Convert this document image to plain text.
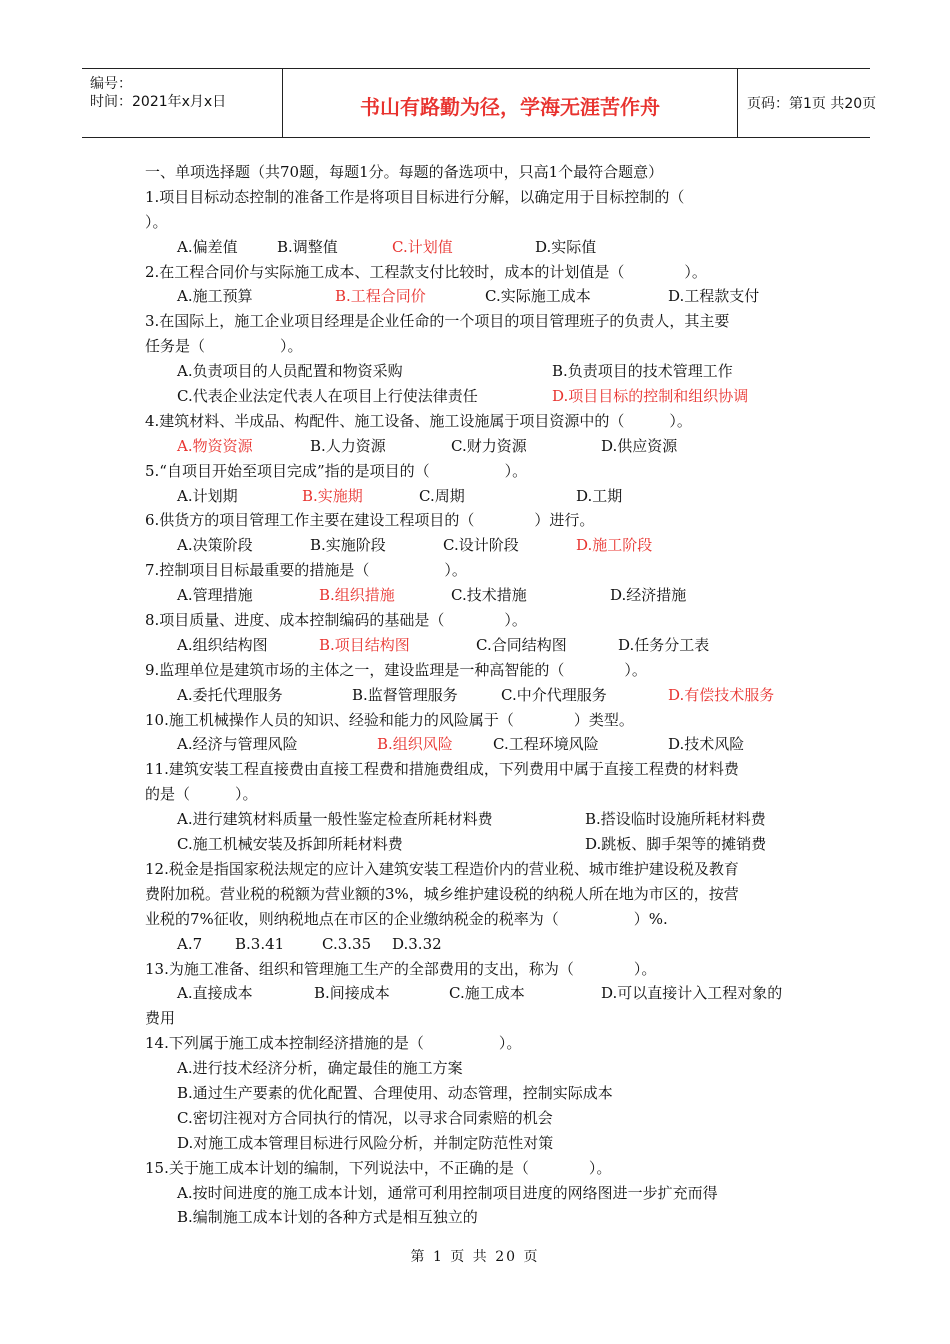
编号：
时间：2021年x月x日	书山有路勤为径，学海无涯苦作舟	页码：第1页 共20页
一、单项选择题（共70题，每题1分。每题的备选项中，只高1个最符合题意）
1.项目目标动态控制的准备工作是将项目目标进行分解，以确定用于目标控制的（
）。
A.偏差值	B.调整值	C.计划值	D.实际值
2.在工程合同价与实际施工成本、工程款支付比较时，成本的计划值是（　　　　）。
A.施工预算	B.工程合同价	C.实际施工成本	D.工程款支付
3.在国际上，施工企业项目经理是企业任命的一个项目的项目管理班子的负责人，其主要
任务是（　　　　　）。
A.负责项目的人员配置和物资采购	B.负责项目的技术管理工作
C.代表企业法定代表人在项目上行使法律责任	D.项目目标的控制和组织协调
4.建筑材料、半成品、构配件、施工设备、施工设施属于项目资源中的（　　　）。
A.物资资源	B.人力资源	C.财力资源	D.供应资源
5.“自项目开始至项目完成”指的是项目的（　　　　　）。
A.计划期	B.实施期	C.周期	D.工期
6.供货方的项目管理工作主要在建设工程项目的（　　　　）进行。
A.决策阶段	B.实施阶段	C.设计阶段	D.施工阶段
7.控制项目目标最重要的措施是（　　　　　）。
A.管理措施	B.组织措施	C.技术措施	D.经济措施
8.项目质量、进度、成本控制编码的基础是（　　　　）。
A.组织结构图	B.项目结构图	C.合同结构图	D.任务分工表
9.监理单位是建筑市场的主体之一，建设监理是一种高智能的（　　　　）。
A.委托代理服务	B.监督管理服务	C.中介代理服务	D.有偿技术服务
10.施工机械操作人员的知识、经验和能力的风险属于（　　　　）类型。
A.经济与管理风险	B.组织风险	C.工程环境风险	D.技术风险
11.建筑安装工程直接费由直接工程费和措施费组成，下列费用中属于直接工程费的材料费
的是（　　　）。
A.进行建筑材料质量一般性鉴定检查所耗材料费	B.搭设临时设施所耗材料费
C.施工机械安装及拆卸所耗材料费	D.跳板、脚手架等的摊销费
12.税金是指国家税法规定的应计入建筑安装工程造价内的营业税、城市维护建设税及教育
费附加税。营业税的税额为营业额的3%，城乡维护建设税的纳税人所在地为市区的，按营
业税的7%征收，则纳税地点在市区的企业缴纳税金的税率为（　　　　　）%.
A.7 B.3.41	C.3.35 D.3.32
13.为施工准备、组织和管理施工生产的全部费用的支出，称为（　　　　）。
A.直接成本	B.间接成本	C.施工成本	D.可以直接计入工程对象的
费用
14.下列属于施工成本控制经济措施的是（　　　　　）。
A.进行技术经济分析，确定最佳的施工方案
B.通过生产要素的优化配置、合理使用、动态管理，控制实际成本
C.密切注视对方合同执行的情况，以寻求合同索赔的机会
D.对施工成本管理目标进行风险分析，并制定防范性对策
15.关于施工成本计划的编制，下列说法中，不正确的是（　　　　）。
A.按时间进度的施工成本计划，通常可利用控制项目进度的网络图进一步扩充而得
B.编制施工成本计划的各种方式是相互独立的
第 1 页 共 20 页
